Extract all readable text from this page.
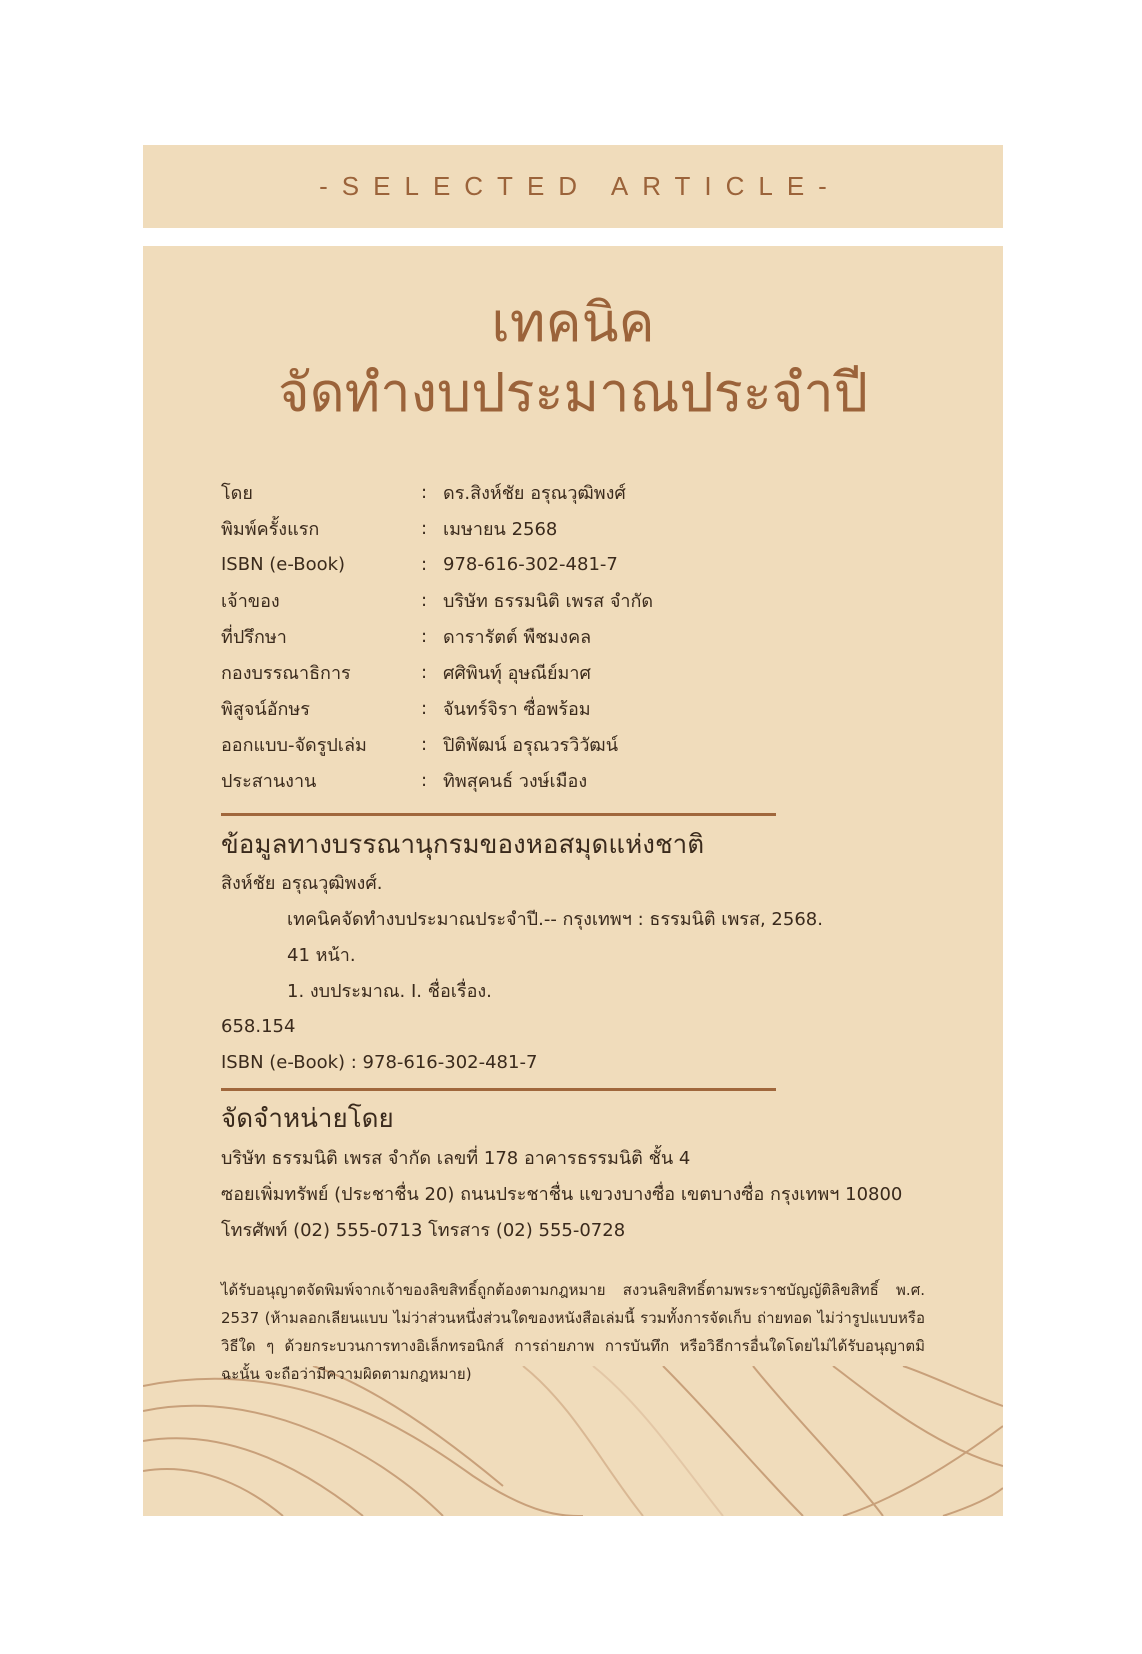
-SELECTED ARTICLE-
เทคนิค
จัดทำงบประมาณประจำปี
โดย	: ดร.สิงห์ชัย อรุณวุฒิพงศ์
พิมพ์ครั้งแรก	: เมษายน 2568
ISBN (e-Book)	: 978-616-302-481-7
เจ้าของ	: บริษัท ธรรมนิติ เพรส จำกัด
ที่ปรึกษา	: ดารารัตต์ พืชมงคล
กองบรรณาธิการ	: ศศิพินทุ์ อุษณีย์มาศ
พิสูจน์อักษร	: จันทร์จิรา ซื่อพร้อม
ออกแบบ-จัดรูปเล่ม	: ปิติพัฒน์ อรุณวรวิวัฒน์
ประสานงาน	: ทิพสุคนธ์ วงษ์เมือง
ข้อมูลทางบรรณานุกรมของหอสมุดแห่งชาติ
สิงห์ชัย อรุณวุฒิพงศ์.
เทคนิคจัดทำงบประมาณประจำปี.-- กรุงเทพฯ : ธรรมนิติ เพรส, 2568.
41 หน้า.
1. งบประมาณ. I. ชื่อเรื่อง.
658.154
ISBN (e-Book) : 978-616-302-481-7
จัดจำหน่ายโดย
บริษัท ธรรมนิติ เพรส จำกัด เลขที่ 178 อาคารธรรมนิติ ชั้น 4
ซอยเพิ่มทรัพย์ (ประชาชื่น 20) ถนนประชาชื่น แขวงบางซื่อ เขตบางซื่อ กรุงเทพฯ 10800
โทรศัพท์ (02) 555-0713 โทรสาร (02) 555-0728

ได้รับอนุญาตจัดพิมพ์จากเจ้าของลิขสิทธิ์ถูกต้องตามกฎหมาย สงวนลิขสิทธิ์ตามพระราชบัญญัติลิขสิทธิ์ พ.ศ. 2537 (ห้ามลอกเลียนแบบ ไม่ว่าส่วนหนึ่งส่วนใดของหนังสือเล่มนี้ รวมทั้งการจัดเก็บ ถ่ายทอด ไม่ว่ารูปแบบหรือวิธีใด ๆ ด้วยกระบวนการทางอิเล็กทรอนิกส์ การถ่ายภาพ การบันทึก หรือวิธีการอื่นใดโดยไม่ได้รับอนุญาตมิฉะนั้น จะถือว่ามีความผิดตามกฎหมาย)
